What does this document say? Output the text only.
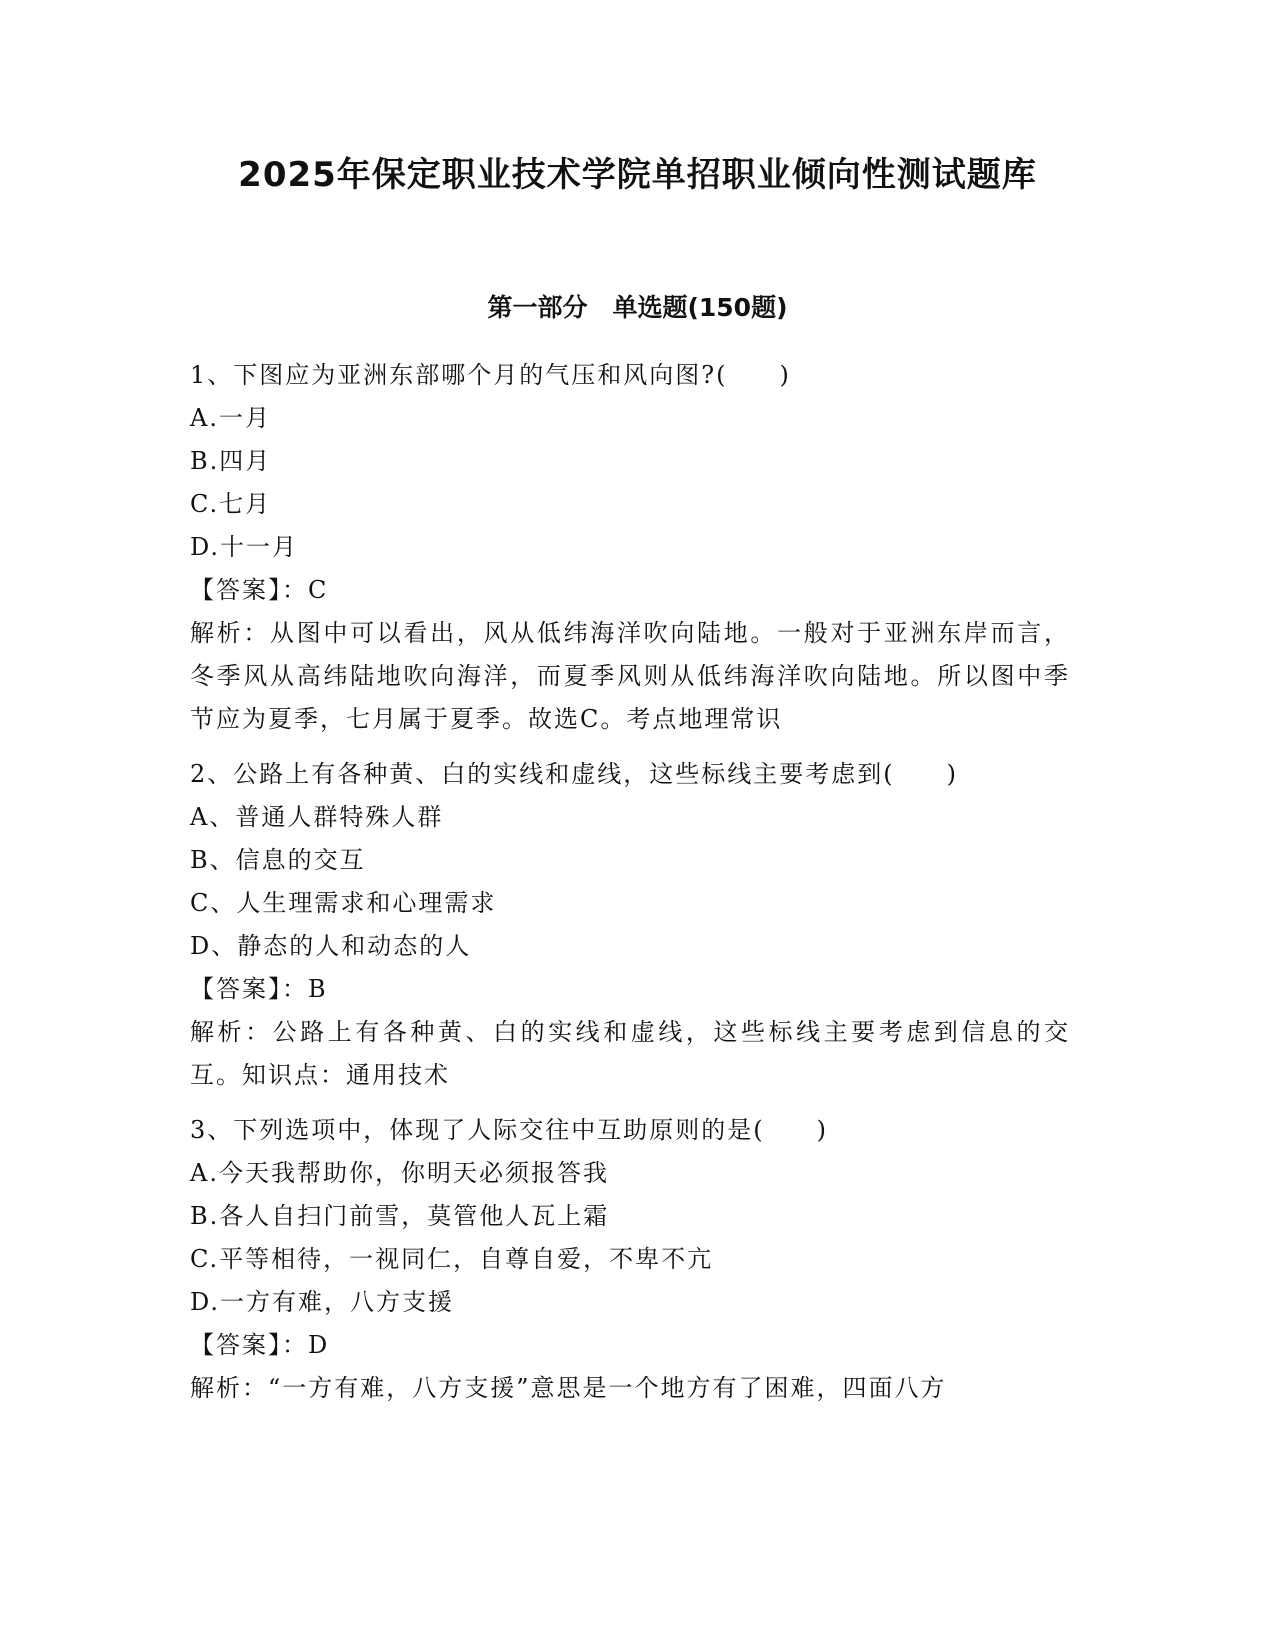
2025年保定职业技术学院单招职业倾向性测试题库
第一部分　单选题(150题)
1、下图应为亚洲东部哪个月的气压和风向图?(　　)
A.一月
B.四月
C.七月
D.十一月
【答案】：C
解析：从图中可以看出，风从低纬海洋吹向陆地。一般对于亚洲东岸而言，冬季风从高纬陆地吹向海洋，而夏季风则从低纬海洋吹向陆地。所以图中季节应为夏季，七月属于夏季。故选C。考点地理常识
2、公路上有各种黄、白的实线和虚线，这些标线主要考虑到(　　)
A、普通人群特殊人群
B、信息的交互
C、人生理需求和心理需求
D、静态的人和动态的人
【答案】：B
解析：公路上有各种黄、白的实线和虚线，这些标线主要考虑到信息的交互。知识点：通用技术
3、下列选项中，体现了人际交往中互助原则的是(　　)
A.今天我帮助你，你明天必须报答我
B.各人自扫门前雪，莫管他人瓦上霜
C.平等相待，一视同仁，自尊自爱，不卑不亢
D.一方有难，八方支援
【答案】：D
解析：“一方有难，八方支援”意思是一个地方有了困难，四面八方
